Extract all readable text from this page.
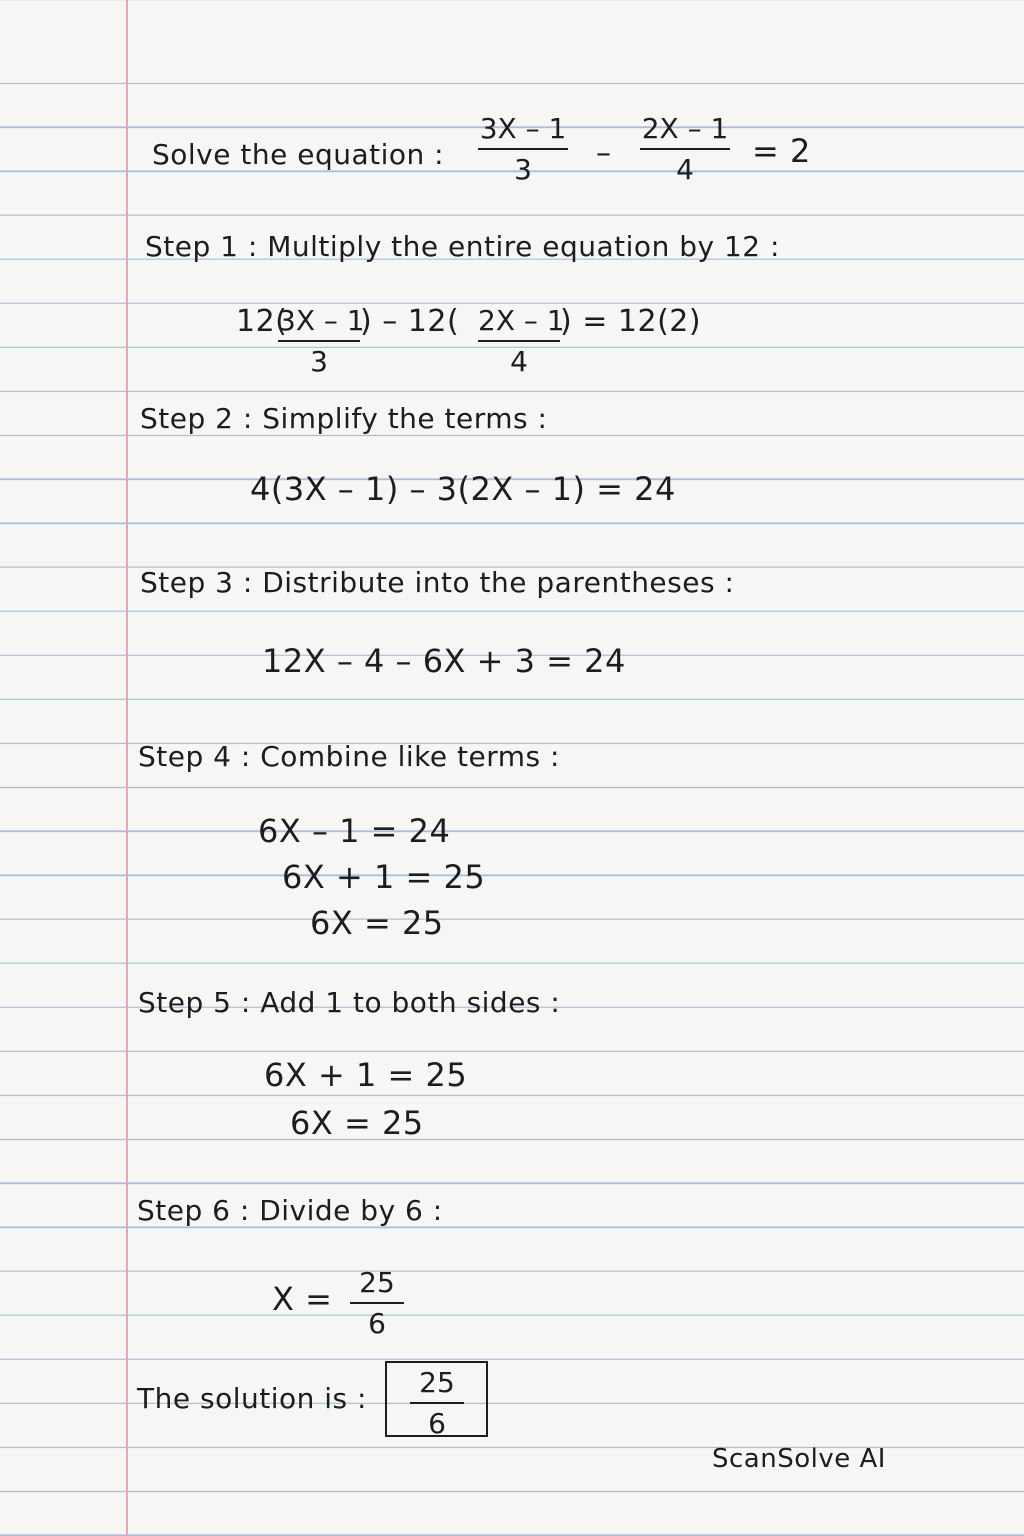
Solve the equation :
3X – 1
3	–
2X – 1
4	= 2
Step 1 : Multiply the entire equation by 12 :
12(
3X – 1
3
) – 12( 2X – 1
4
) = 12(2)
Step 2 : Simplify the terms :
4(3X – 1) – 3(2X – 1) = 24
Step 3 : Distribute into the parentheses :
12X – 4 – 6X + 3 = 24
Step 4 : Combine like terms :
6X – 1 = 24
6X + 1 = 25
6X = 25
Step 5 : Add 1 to both sides :
6X + 1 = 25
6X = 25
Step 6 : Divide by 6 :
X = 25
6
The solution is :	25
6
ScanSolve AI
